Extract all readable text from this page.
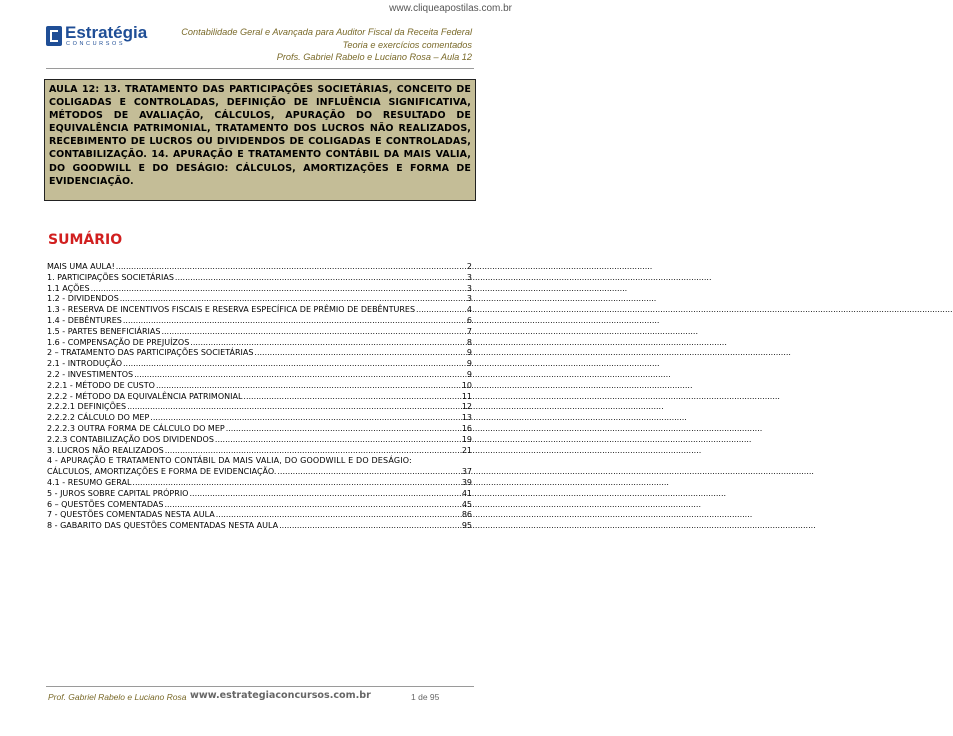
www.cliqueapostilas.com.br
Estratégia
CONCURSOS
Contabilidade Geral e Avançada para Auditor Fiscal da Receita Federal
Teoria e exercícios comentados
Profs. Gabriel Rabelo e Luciano Rosa – Aula 12
AULA 12: 13. TRATAMENTO DAS PARTICIPAÇÕES SOCIETÁRIAS, CONCEITO DE COLIGADAS E CONTROLADAS, DEFINIÇÃO DE INFLUÊNCIA SIGNIFICATIVA, MÉTODOS DE AVALIAÇÃO, CÁLCULOS, APURAÇÃO DO RESULTADO DE EQUIVALÊNCIA PATRIMONIAL, TRATAMENTO DOS LUCROS NÃO REALIZADOS, RECEBIMENTO DE LUCROS OU DIVIDENDOS DE COLIGADAS E CONTROLADAS, CONTABILIZAÇÃO. 14. APURAÇÃO E TRATAMENTO CONTÁBIL DA MAIS VALIA, DO GOODWILL E DO DESÁGIO: CÁLCULOS, AMORTIZAÇÕES E FORMA DE EVIDENCIAÇÃO.
SUMÁRIO
MAIS UMA AULA! .....	2
1. PARTICIPAÇÕES SOCIETÁRIAS .....	3
1.1 AÇÕES .....	3
1.2 - DIVIDENDOS .....	3
1.3 - RESERVA DE INCENTIVOS FISCAIS E RESERVA ESPECÍFICA DE PRÊMIO DE DEBÊNTURES .....	4
1.4 - DEBÊNTURES .....	6
1.5 - PARTES BENEFICIÁRIAS .....	7
1.6 - COMPENSAÇÃO DE PREJUÍZOS .....	8
2 – TRATAMENTO DAS PARTICIPAÇÕES SOCIETÁRIAS .....	9
2.1 - INTRODUÇÃO .....	9
2.2 - INVESTIMENTOS .....	9
2.2.1 - MÉTODO DE CUSTO .....	10
2.2.2 - MÉTODO DA EQUIVALÊNCIA PATRIMONIAL .....	11
2.2.2.1 DEFINIÇÕES .....	12
2.2.2.2 CÁLCULO DO MEP .....	13
2.2.2.3 OUTRA FORMA DE CÁLCULO DO MEP .....	16
2.2.3 CONTABILIZAÇÃO DOS DIVIDENDOS .....	19
3. LUCROS NÃO REALIZADOS .....	21
4 - APURAÇÃO E TRATAMENTO CONTÁBIL DA MAIS VALIA, DO GOODWILL E DO DESÁGIO:
CÁLCULOS, AMORTIZAÇÕES E FORMA DE EVIDENCIAÇÃO. .....	37
4.1 - RESUMO GERAL .....	39
5 - JUROS SOBRE CAPITAL PRÓPRIO .....	41
6 – QUESTÕES COMENTADAS .....	45
7 - QUESTÕES COMENTADAS NESTA AULA .....	86
8 - GABARITO DAS QUESTÕES COMENTADAS NESTA AULA .....	95
Prof. Gabriel Rabelo e Luciano Rosa www.estrategiaconcursos.com.br	1 de 95
